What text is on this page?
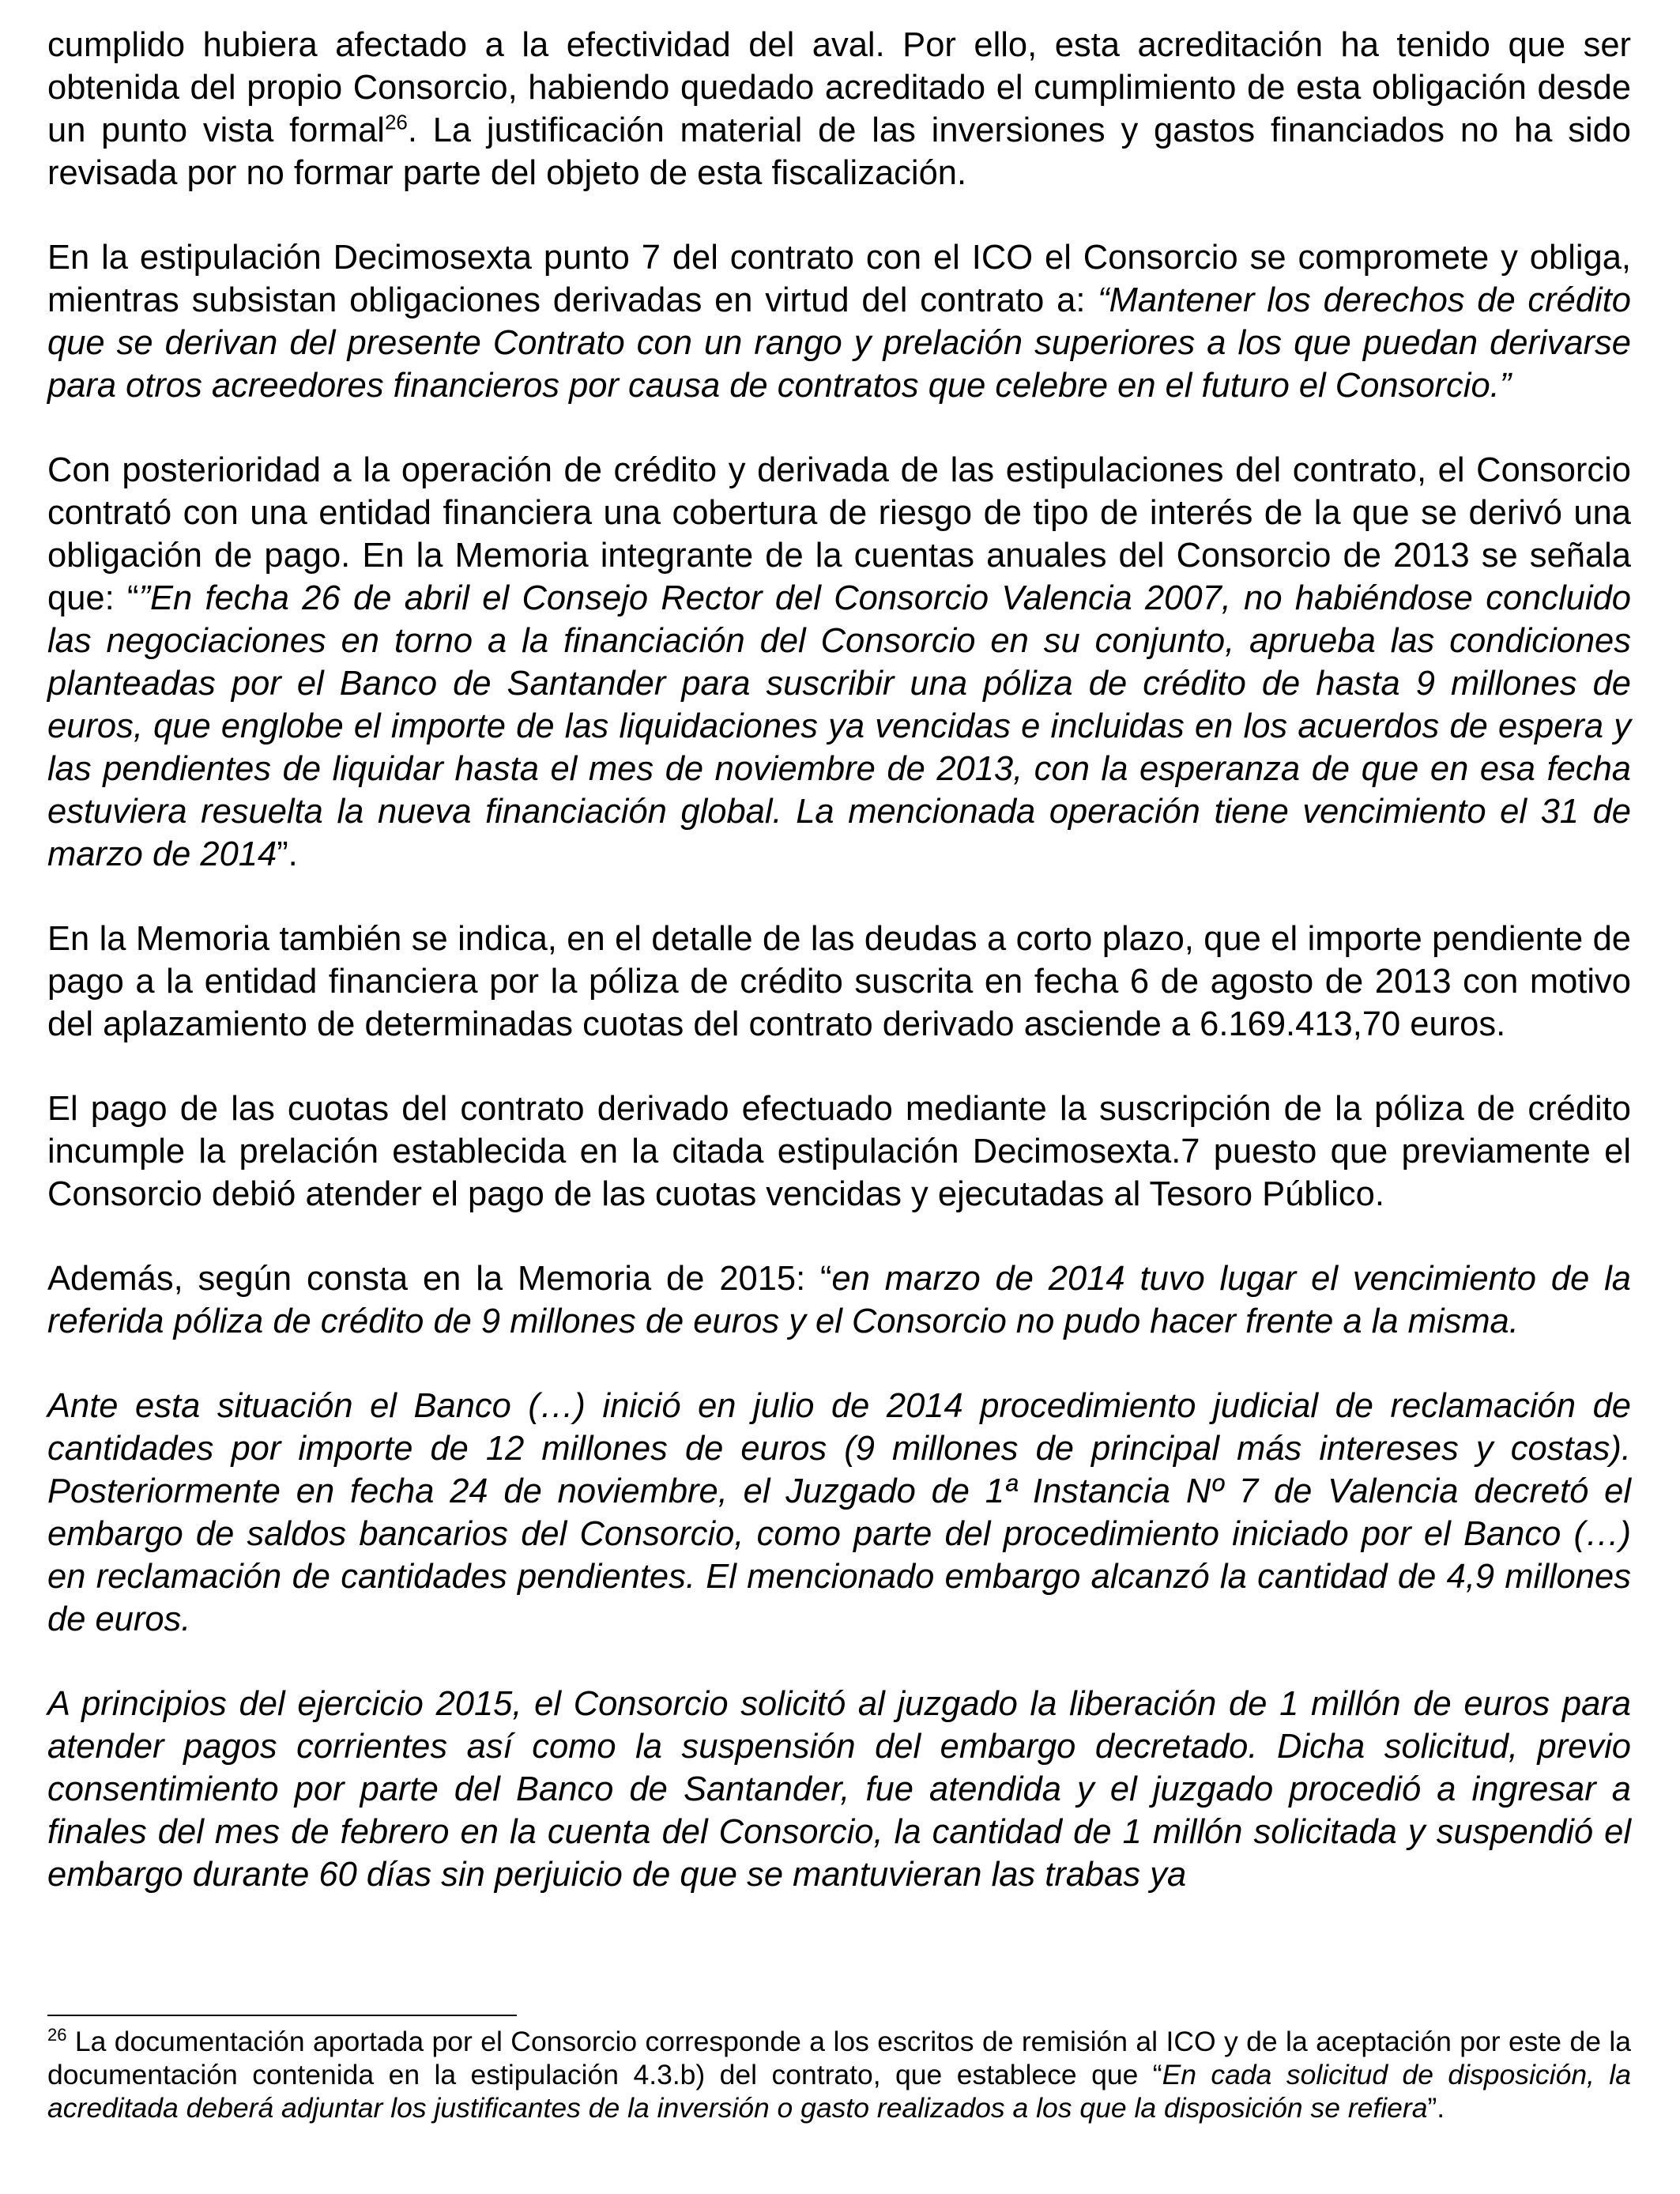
cumplido hubiera afectado a la efectividad del aval. Por ello, esta acreditación ha tenido que ser obtenida del propio Consorcio, habiendo quedado acreditado el cumplimiento de esta obligación desde un punto vista formal$^{26}$. La justificación material de las inversiones y gastos financiados no ha sido revisada por no formar parte del objeto de esta fiscalización.

En la estipulación Decimosexta punto 7 del contrato con el ICO el Consorcio se compromete y obliga, mientras subsistan obligaciones derivadas en virtud del contrato a: “Mantener los derechos de crédito que se derivan del presente Contrato con un rango y prelación superiores a los que puedan derivarse para otros acreedores financieros por causa de contratos que celebre en el futuro el Consorcio.”

Con posterioridad a la operación de crédito y derivada de las estipulaciones del contrato, el Consorcio contrató con una entidad financiera una cobertura de riesgo de tipo de interés de la que se derivó una obligación de pago. En la Memoria integrante de la cuentas anuales del Consorcio de 2013 se señala que: “”En fecha 26 de abril el Consejo Rector del Consorcio Valencia 2007, no habiéndose concluido las negociaciones en torno a la financiación del Consorcio en su conjunto, aprueba las condiciones planteadas por el Banco de Santander para suscribir una póliza de crédito de hasta 9 millones de euros, que englobe el importe de las liquidaciones ya vencidas e incluidas en los acuerdos de espera y las pendientes de liquidar hasta el mes de noviembre de 2013, con la esperanza de que en esa fecha estuviera resuelta la nueva financiación global. La mencionada operación tiene vencimiento el 31 de marzo de 2014”.

En la Memoria también se indica, en el detalle de las deudas a corto plazo, que el importe pendiente de pago a la entidad financiera por la póliza de crédito suscrita en fecha 6 de agosto de 2013 con motivo del aplazamiento de determinadas cuotas del contrato derivado asciende a 6.169.413,70 euros.

El pago de las cuotas del contrato derivado efectuado mediante la suscripción de la póliza de crédito incumple la prelación establecida en la citada estipulación Decimosexta.7 puesto que previamente el Consorcio debió atender el pago de las cuotas vencidas y ejecutadas al Tesoro Público.

Además, según consta en la Memoria de 2015: “en marzo de 2014 tuvo lugar el vencimiento de la referida póliza de crédito de 9 millones de euros y el Consorcio no pudo hacer frente a la misma.

Ante esta situación el Banco (…) inició en julio de 2014 procedimiento judicial de reclamación de cantidades por importe de 12 millones de euros (9 millones de principal más intereses y costas). Posteriormente en fecha 24 de noviembre, el Juzgado de 1ª Instancia Nº 7 de Valencia decretó el embargo de saldos bancarios del Consorcio, como parte del procedimiento iniciado por el Banco (…) en reclamación de cantidades pendientes. El mencionado embargo alcanzó la cantidad de 4,9 millones de euros.

A principios del ejercicio 2015, el Consorcio solicitó al juzgado la liberación de 1 millón de euros para atender pagos corrientes así como la suspensión del embargo decretado. Dicha solicitud, previo consentimiento por parte del Banco de Santander, fue atendida y el juzgado procedió a ingresar a finales del mes de febrero en la cuenta del Consorcio, la cantidad de 1 millón solicitada y suspendió el embargo durante 60 días sin perjuicio de que se mantuvieran las trabas ya

$^{26}$ La documentación aportada por el Consorcio corresponde a los escritos de remisión al ICO y de la aceptación por este de la documentación contenida en la estipulación 4.3.b) del contrato, que establece que “En cada solicitud de disposición, la acreditada deberá adjuntar los justificantes de la inversión o gasto realizados a los que la disposición se refiera”.
